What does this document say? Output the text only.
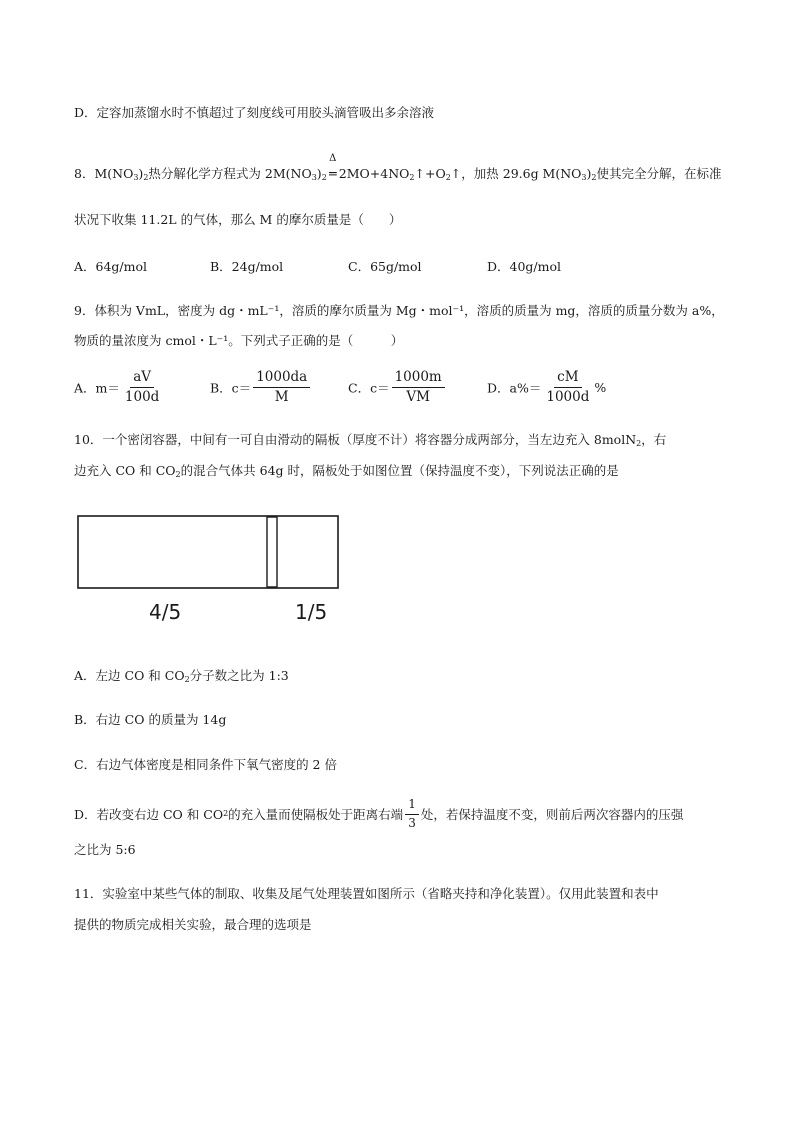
D．定容加蒸馏水时不慎超过了刻度线可用胶头滴管吸出多余溶液
8．$M(NO_3)_2$热分解化学方程式为 $2M(NO_3)_2$
Δ
═ $2MO+4NO_2↑+O_2↑$，加热 29.6g $M(NO_3)_2$使其完全分解，在标准
状况下收集 11.2L 的气体，那么 M 的摩尔质量是（　　）
A．64g/mol	B．24g/mol	C．65g/mol	D．40g/mol
9．体积为 VmL，密度为 dg・mL⁻¹，溶质的摩尔质量为 Mg・mol⁻¹，溶质的质量为 mg，溶质的质量分数为 a%，
物质的量浓度为 cmol・L⁻¹。下列式子正确的是（　　　）
A．$m= \frac{aV}{100d}$	B．$c= \frac{1000da}{M}$	C．$c= \frac{1000m}{VM}$	D．$a\%= \frac{cM}{1000d}$ %
10．一个密闭容器，中间有一可自由滑动的隔板（厚度不计）将容器分成两部分，当左边充入 8molN$_2$，右
边充入 CO 和 $CO_2$的混合气体共 64g 时，隔板处于如图位置（保持温度不变），下列说法正确的是
4/5	1/5
A．左边 CO 和 $CO_2$分子数之比为 1:3
B．右边 CO 的质量为 14g
C．右边气体密度是相同条件下氧气密度的 2 倍
D．若改变右边 CO 和 CO 2 的充入量而使隔板处于距离右端 $\frac{1}{3}$ 处，若保持温度不变，则前后两次容器内的压强
之比为 5:6
11．实验室中某些气体的制取、收集及尾气处理装置如图所示（省略夹持和净化装置）。仅用此装置和表中
提供的物质完成相关实验，最合理的选项是
